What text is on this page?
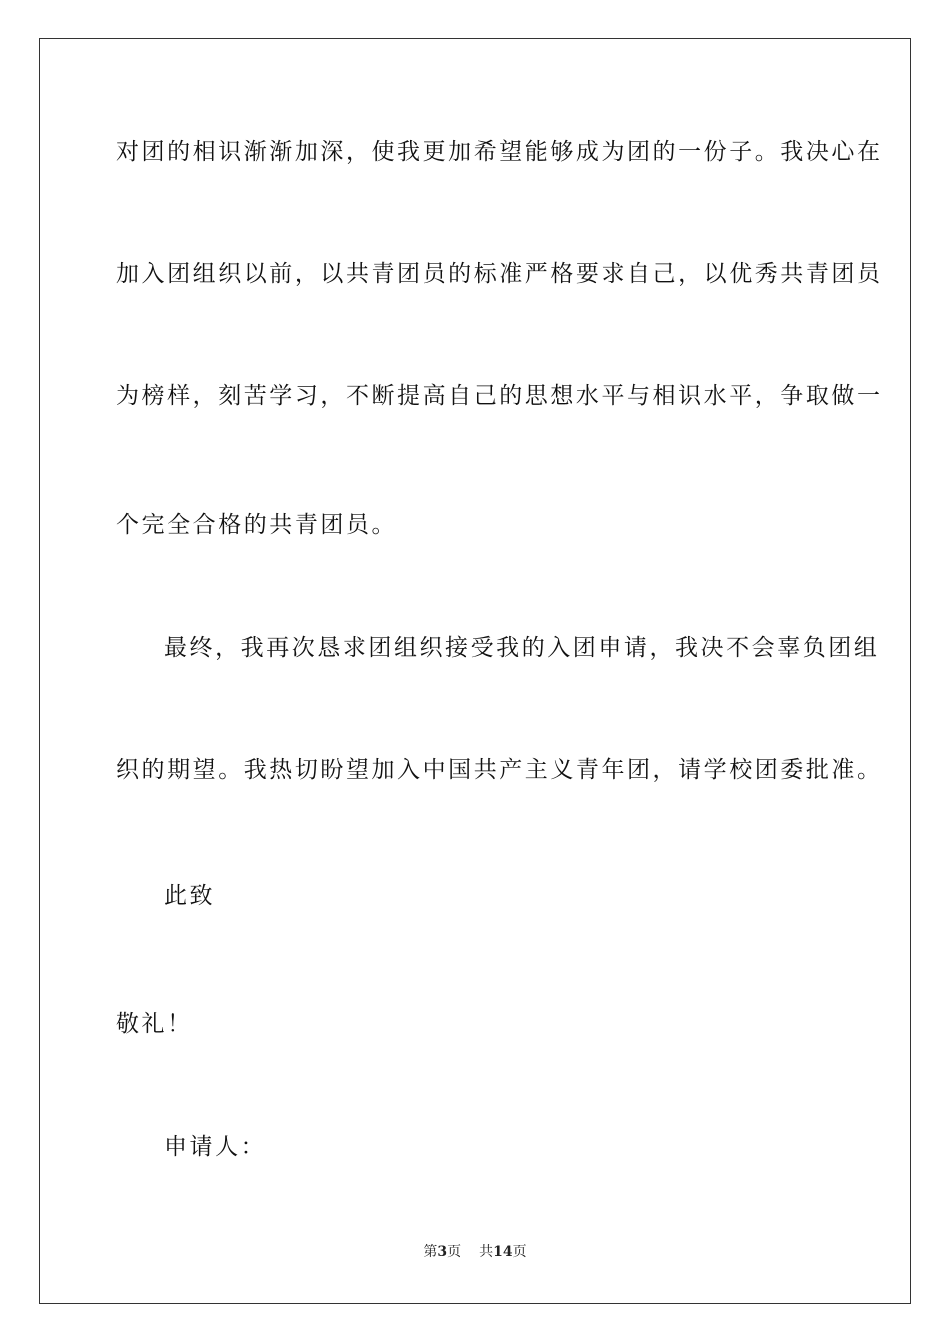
对团的相识渐渐加深，使我更加希望能够成为团的一份子。我决心在
加入团组织以前，以共青团员的标准严格要求自己，以优秀共青团员
为榜样，刻苦学习，不断提高自己的思想水平与相识水平，争取做一
个完全合格的共青团员。
最终，我再次恳求团组织接受我的入团申请，我决不会辜负团组
织的期望。我热切盼望加入中国共产主义青年团，请学校团委批准。
此致
敬礼！
申请人：
第3页 共14页
